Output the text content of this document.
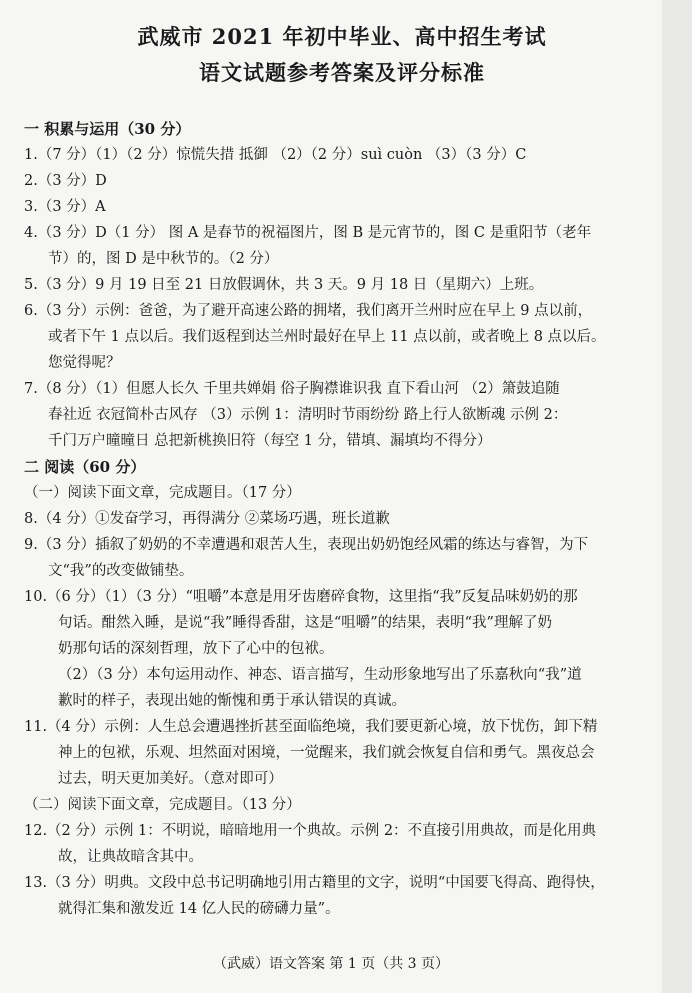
武威市 2021 年初中毕业、高中招生考试
语文试题参考答案及评分标准
一 积累与运用（30 分）
1.（7 分）（1）（2 分）惊慌失措 抵御 （2）（2 分）suì cuòn （3）（3 分）C
2.（3 分）D
3.（3 分）A
4.（3 分）D（1 分） 图 A 是春节的祝福图片，图 B 是元宵节的，图 C 是重阳节（老年
节）的，图 D 是中秋节的。（2 分）
5.（3 分）9 月 19 日至 21 日放假调休，共 3 天。9 月 18 日（星期六）上班。
6.（3 分）示例：爸爸，为了避开高速公路的拥堵，我们离开兰州时应在早上 9 点以前，
或者下午 1 点以后。我们返程到达兰州时最好在早上 11 点以前，或者晚上 8 点以后。
您觉得呢？
7.（8 分）（1）但愿人长久 千里共婵娟 俗子胸襟谁识我 直下看山河 （2）箫鼓追随
春社近 衣冠简朴古风存 （3）示例 1：清明时节雨纷纷 路上行人欲断魂 示例 2：
千门万户曈曈日 总把新桃换旧符（每空 1 分，错填、漏填均不得分）
二 阅读（60 分）
（一）阅读下面文章，完成题目。（17 分）
8.（4 分）①发奋学习，再得满分 ②菜场巧遇，班长道歉
9.（3 分）插叙了奶奶的不幸遭遇和艰苦人生，表现出奶奶饱经风霜的练达与睿智，为下
文“我”的改变做铺垫。
10.（6 分）（1）（3 分）“咀嚼”本意是用牙齿磨碎食物，这里指“我”反复品味奶奶的那
句话。酣然入睡，是说“我”睡得香甜，这是“咀嚼”的结果，表明“我”理解了奶
奶那句话的深刻哲理，放下了心中的包袱。
（2）（3 分）本句运用动作、神态、语言描写，生动形象地写出了乐嘉秋向“我”道
歉时的样子，表现出她的惭愧和勇于承认错误的真诚。
11.（4 分）示例：人生总会遭遇挫折甚至面临绝境，我们要更新心境，放下忧伤，卸下精
神上的包袱，乐观、坦然面对困境，一觉醒来，我们就会恢复自信和勇气。黑夜总会
过去，明天更加美好。（意对即可）
（二）阅读下面文章，完成题目。（13 分）
12.（2 分）示例 1：不明说，暗暗地用一个典故。示例 2：不直接引用典故，而是化用典
故，让典故暗含其中。
13.（3 分）明典。文段中总书记明确地引用古籍里的文字，说明“中国要飞得高、跑得快，
就得汇集和激发近 14 亿人民的磅礴力量”。
（武威）语文答案 第 1 页（共 3 页）
